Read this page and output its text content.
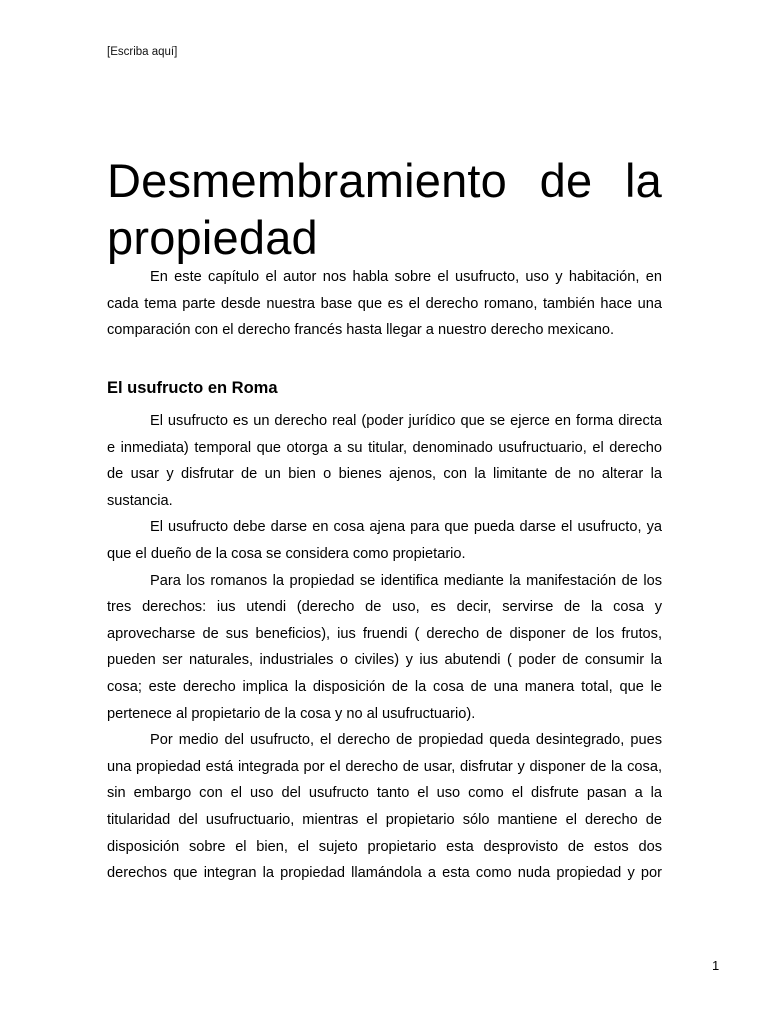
[Escriba aquí]
Desmembramiento de la
propiedad

En este capítulo el autor nos habla sobre el usufructo, uso y habitación, en cada tema parte desde nuestra base que es el derecho romano, también hace una comparación con el derecho francés hasta llegar a nuestro derecho mexicano.

El usufructo en Roma

El usufructo es un derecho real (poder jurídico que se ejerce en forma directa e inmediata) temporal que otorga a su titular, denominado usufructuario, el derecho de usar y disfrutar de un bien o bienes ajenos, con la limitante de no alterar la sustancia.

El usufructo debe darse en cosa ajena para que pueda darse el usufructo, ya que el dueño de la cosa se considera como propietario.

Para los romanos la propiedad se identifica mediante la manifestación de los tres derechos: ius utendi (derecho de uso, es decir, servirse de la cosa y aprovecharse de sus beneficios), ius fruendi ( derecho de disponer de los frutos, pueden ser naturales, industriales o civiles) y ius abutendi ( poder de consumir la cosa; este derecho implica la disposición de la cosa de una manera total, que le pertenece al propietario de la cosa y no al usufructuario).

Por medio del usufructo, el derecho de propiedad queda desintegrado, pues una propiedad está integrada por el derecho de usar, disfrutar y disponer de la cosa, sin embargo con el uso del usufructo tanto el uso como el disfrute pasan a la titularidad del usufructuario, mientras el propietario sólo mantiene el derecho de disposición sobre el bien, el sujeto propietario esta desprovisto de estos dos derechos que integran la propiedad llamándola a esta como nuda propiedad y por

1
